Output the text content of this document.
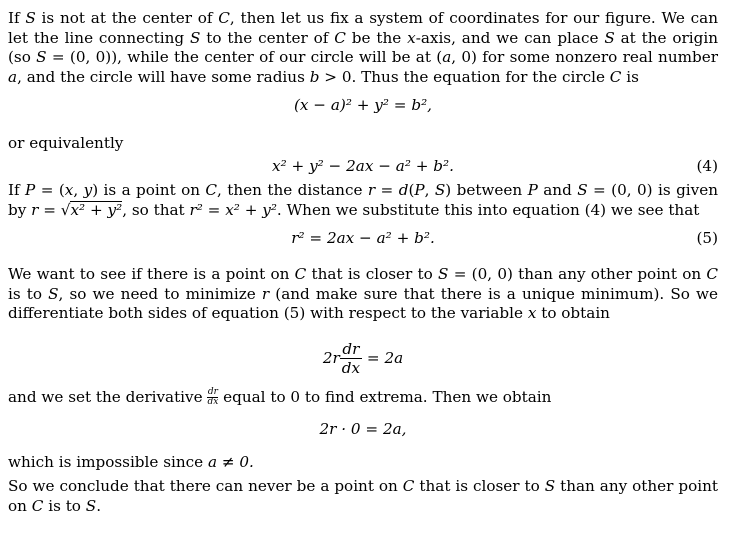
If S is not at the center of C, then let us fix a system of coordinates for our figure. We can let the line connecting S to the center of C be the x-axis, and we can place S at the origin (so S = (0, 0)), while the center of our circle will be at (a, 0) for some nonzero real number a, and the circle will have some radius b > 0. Thus the equation for the circle C is

(x − a)² + y² = b²,

or equivalently

x² + y² − 2ax − a² + b².	(4)

If P = (x, y) is a point on C, then the distance r = d(P, S) between P and S = (0, 0) is given by r = √x² + y², so that r² = x² + y². When we substitute this into equation (4) we see that

r² = 2ax − a² + b².	(5)

We want to see if there is a point on C that is closer to S = (0, 0) than any other point on C is to S, so we need to minimize r (and make sure that there is a unique minimum). So we differentiate both sides of equation (5) with respect to the variable x to obtain

$2r \frac{dr}{dx} = 2a$

and we set the derivative $\frac{dr}{dx}$ equal to 0 to find extrema. Then we obtain

2r · 0 = 2a,

which is impossible since a ≠ 0.

So we conclude that there can never be a point on C that is closer to S than any other point on C is to S.
